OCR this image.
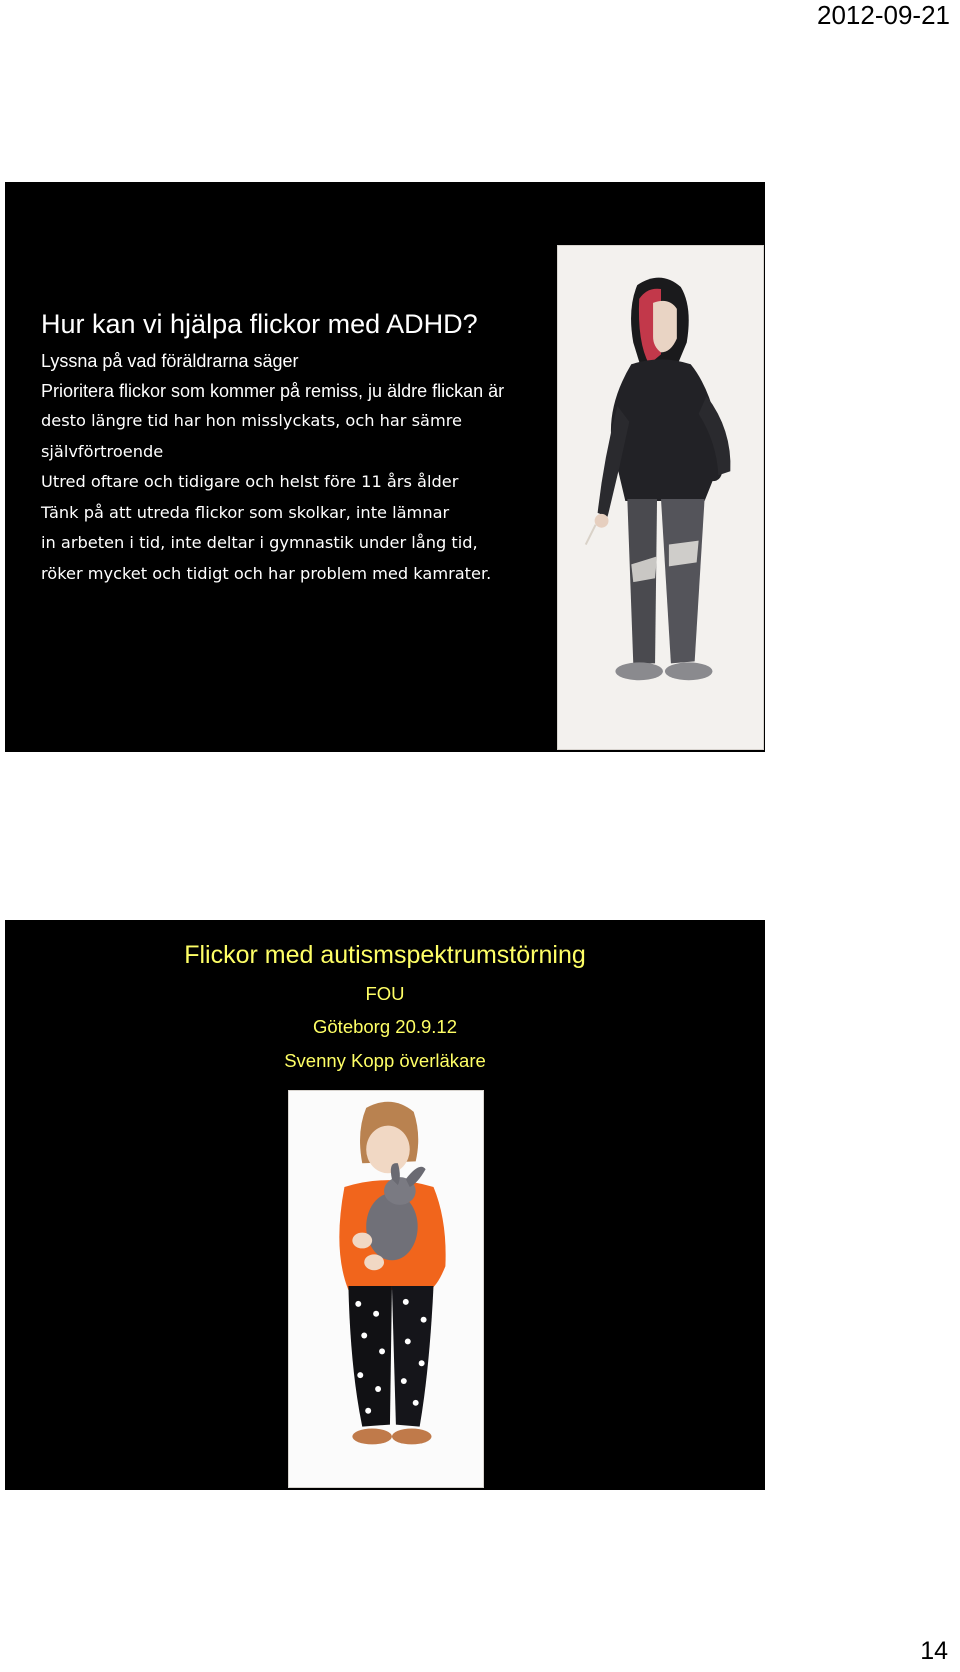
2012-09-21
Hur kan vi hjälpa flickor med ADHD?

Lyssna på vad föräldrarna säger

Prioritera flickor som kommer på remiss, ju äldre flickan är

desto längre tid har hon misslyckats, och har sämre

självförtroende

Utred oftare och tidigare och helst före 11 års ålder

Tänk på att utreda flickor som skolkar, inte lämnar

in arbeten i tid, inte deltar i gymnastik under lång tid,

röker mycket och tidigt och har problem med kamrater.

Flickor med autismspektrumstörning

FOU

Göteborg 20.9.12

Svenny Kopp överläkare

14
